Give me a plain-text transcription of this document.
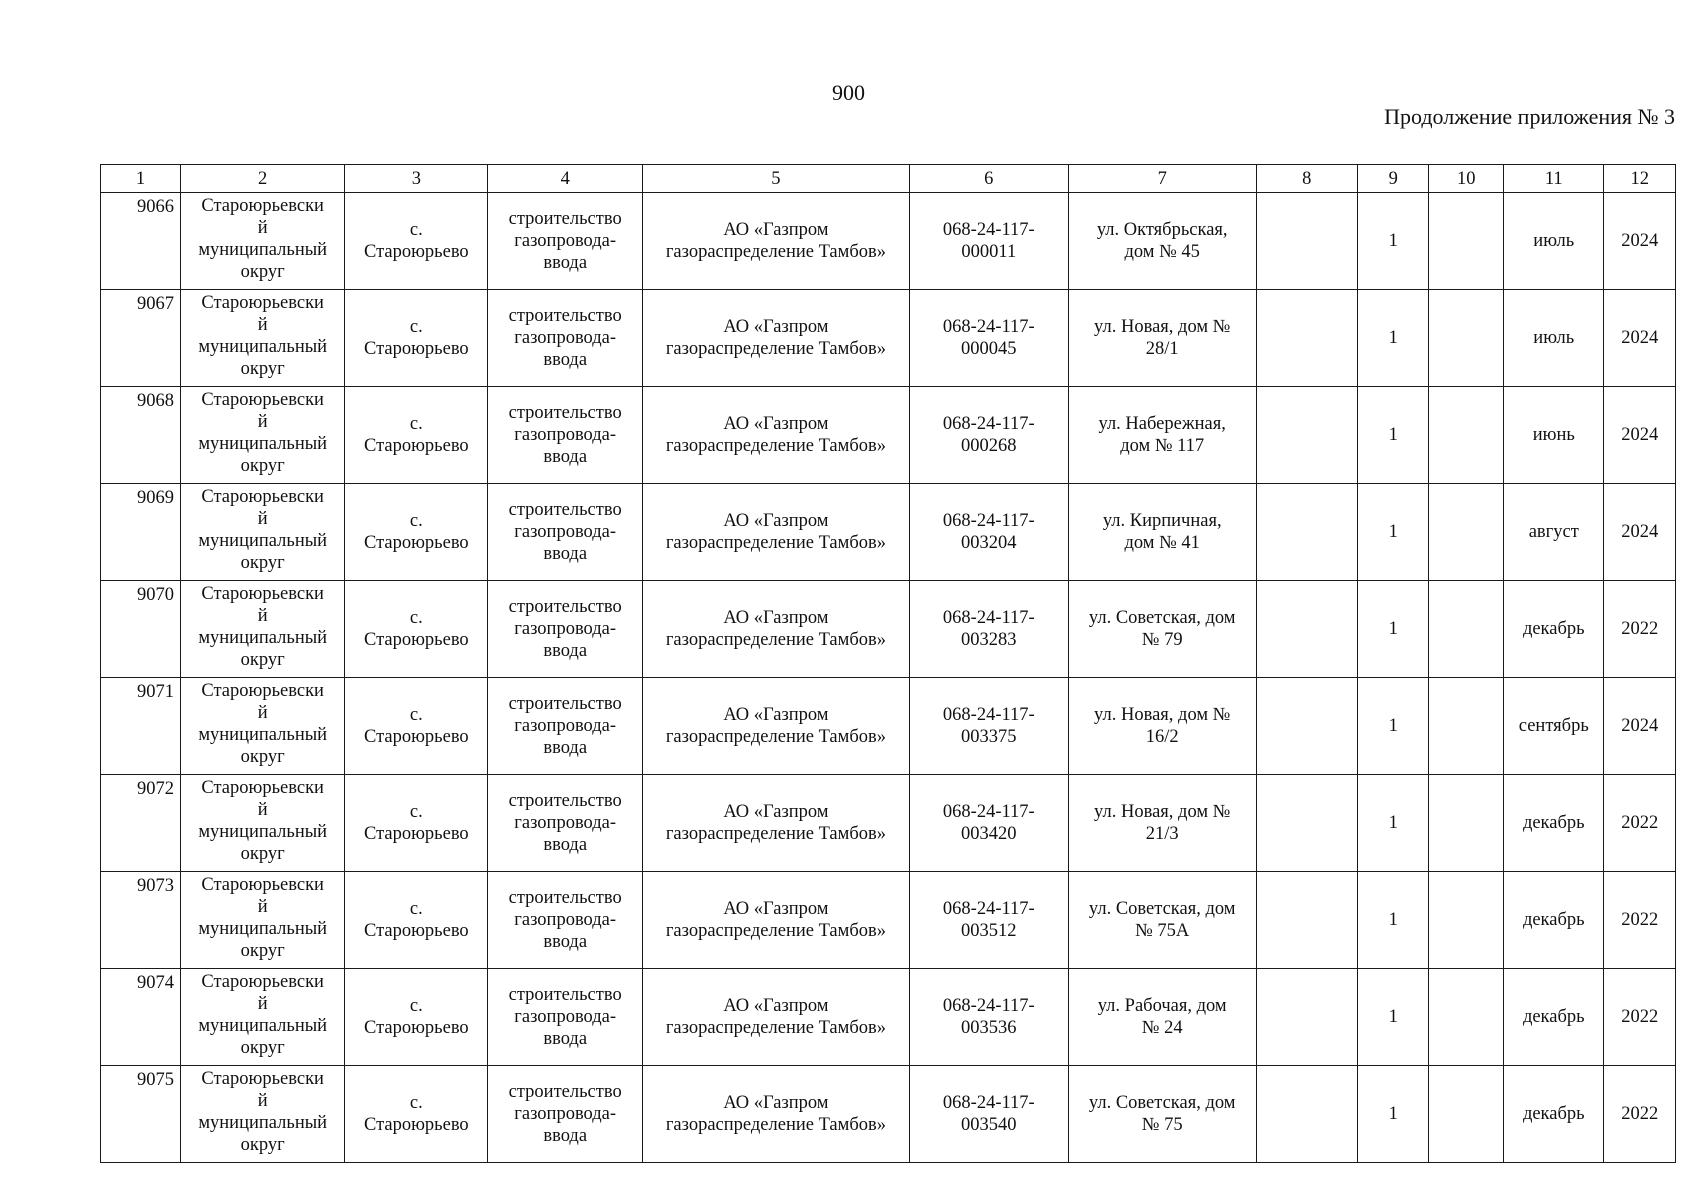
900
Продолжение приложения № 3
1	2	3	4	5	6	7	8	9	10	11	12
9066	Староюрьевски
й
муниципальный
округ	с.
Староюрьево	строительство
газопровода-
ввода	АО «Газпром
газораспределение Тамбов»	068-24-117-
000011	ул. Октябрьская,
дом № 45		1		июль	2024
9067	Староюрьевски
й
муниципальный
округ	с.
Староюрьево	строительство
газопровода-
ввода	АО «Газпром
газораспределение Тамбов»	068-24-117-
000045	ул. Новая, дом №
28/1		1		июль	2024
9068	Староюрьевски
й
муниципальный
округ	с.
Староюрьево	строительство
газопровода-
ввода	АО «Газпром
газораспределение Тамбов»	068-24-117-
000268	ул. Набережная,
дом № 117		1		июнь	2024
9069	Староюрьевски
й
муниципальный
округ	с.
Староюрьево	строительство
газопровода-
ввода	АО «Газпром
газораспределение Тамбов»	068-24-117-
003204	ул. Кирпичная,
дом № 41		1		август	2024
9070	Староюрьевски
й
муниципальный
округ	с.
Староюрьево	строительство
газопровода-
ввода	АО «Газпром
газораспределение Тамбов»	068-24-117-
003283	ул. Советская, дом
№ 79		1		декабрь	2022
9071	Староюрьевски
й
муниципальный
округ	с.
Староюрьево	строительство
газопровода-
ввода	АО «Газпром
газораспределение Тамбов»	068-24-117-
003375	ул. Новая, дом №
16/2		1		сентябрь	2024
9072	Староюрьевски
й
муниципальный
округ	с.
Староюрьево	строительство
газопровода-
ввода	АО «Газпром
газораспределение Тамбов»	068-24-117-
003420	ул. Новая, дом №
21/3		1		декабрь	2022
9073	Староюрьевски
й
муниципальный
округ	с.
Староюрьево	строительство
газопровода-
ввода	АО «Газпром
газораспределение Тамбов»	068-24-117-
003512	ул. Советская, дом
№ 75А		1		декабрь	2022
9074	Староюрьевски
й
муниципальный
округ	с.
Староюрьево	строительство
газопровода-
ввода	АО «Газпром
газораспределение Тамбов»	068-24-117-
003536	ул. Рабочая, дом
№ 24		1		декабрь	2022
9075	Староюрьевски
й
муниципальный
округ	с.
Староюрьево	строительство
газопровода-
ввода	АО «Газпром
газораспределение Тамбов»	068-24-117-
003540	ул. Советская, дом
№ 75		1		декабрь	2022
